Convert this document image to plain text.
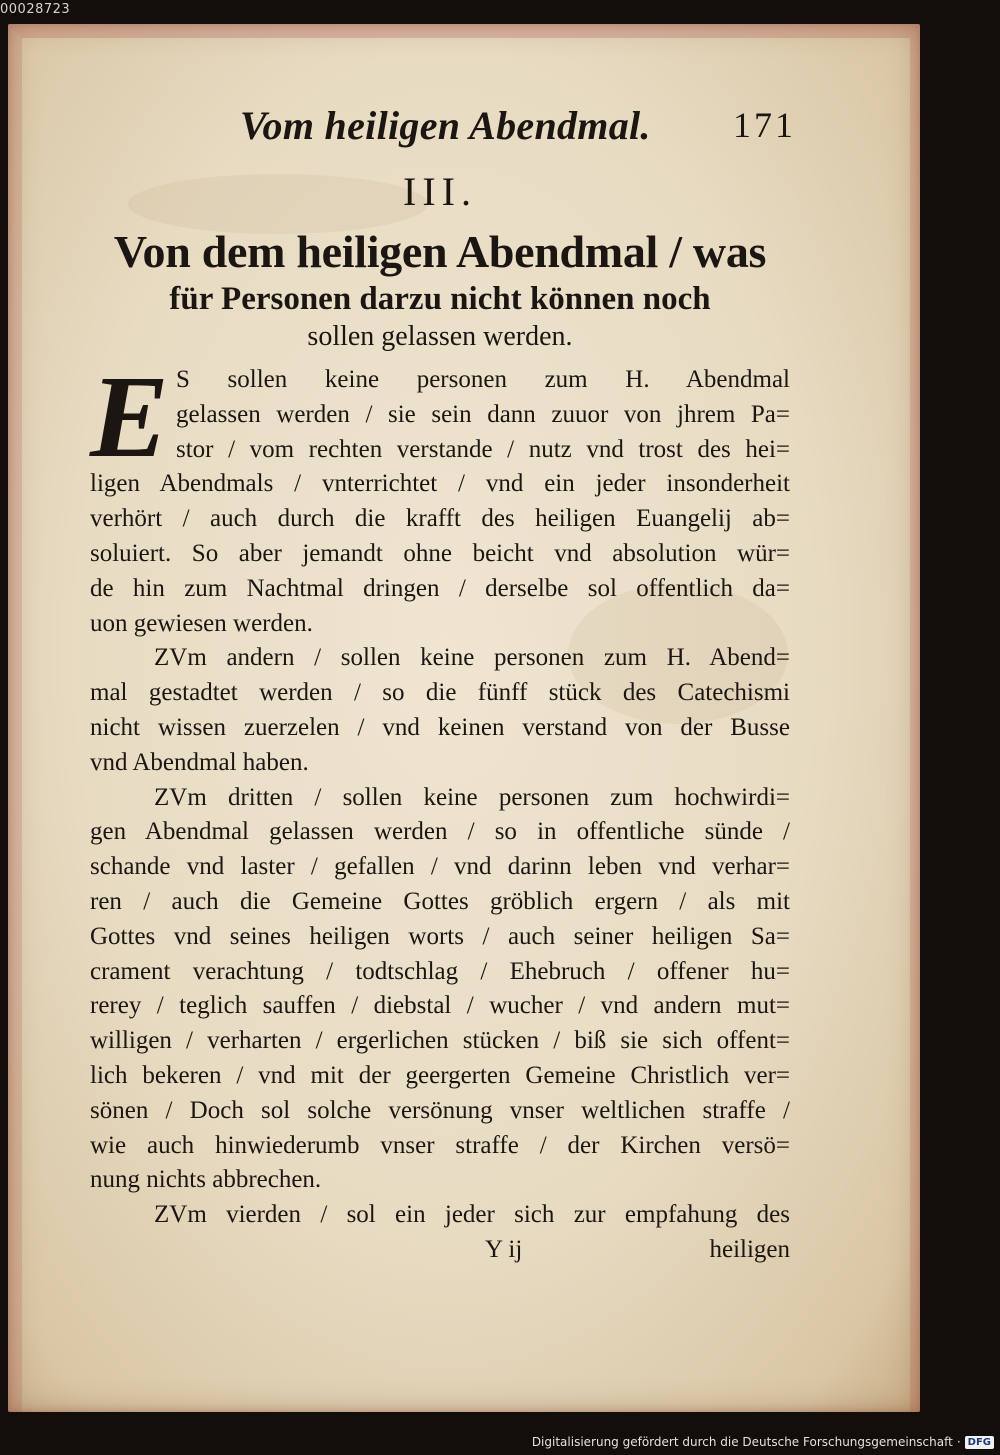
00028723
Vom heiligen Abendmal. 171
III.
Von dem heiligen Abendmal / was
für Personen darzu nicht können noch
sollen gelassen werden.
E S sollen keine personen zum H. Abendmal
gelassen werden / sie sein dann zuuor von jhrem Pa=
stor / vom rechten verstande / nutz vnd trost des hei=
ligen Abendmals / vnterrichtet / vnd ein jeder insonderheit
verhört / auch durch die krafft des heiligen Euangelij ab=
soluiert. So aber jemandt ohne beicht vnd absolution wür=
de hin zum Nachtmal dringen / derselbe sol offentlich da=
uon gewiesen werden.
ZVm andern / sollen keine personen zum H. Abend=
mal gestadtet werden / so die fünff stück des Catechismi
nicht wissen zuerzelen / vnd keinen verstand von der Busse
vnd Abendmal haben.
ZVm dritten / sollen keine personen zum hochwirdi=
gen Abendmal gelassen werden / so in offentliche sünde /
schande vnd laster / gefallen / vnd darinn leben vnd verhar=
ren / auch die Gemeine Gottes gröblich ergern / als mit
Gottes vnd seines heiligen worts / auch seiner heiligen Sa=
crament verachtung / todtschlag / Ehebruch / offener hu=
rerey / teglich sauffen / diebstal / wucher / vnd andern mut=
willigen / verharten / ergerlichen stücken / biß sie sich offent=
lich bekeren / vnd mit der geergerten Gemeine Christlich ver=
sönen / Doch sol solche versönung vnser weltlichen straffe /
wie auch hinwiederumb vnser straffe / der Kirchen versö=
nung nichts abbrechen.
ZVm vierden / sol ein jeder sich zur empfahung des
Y ij	heiligen
Digitalisierung gefördert durch die Deutsche Forschungsgemeinschaft · DFG
